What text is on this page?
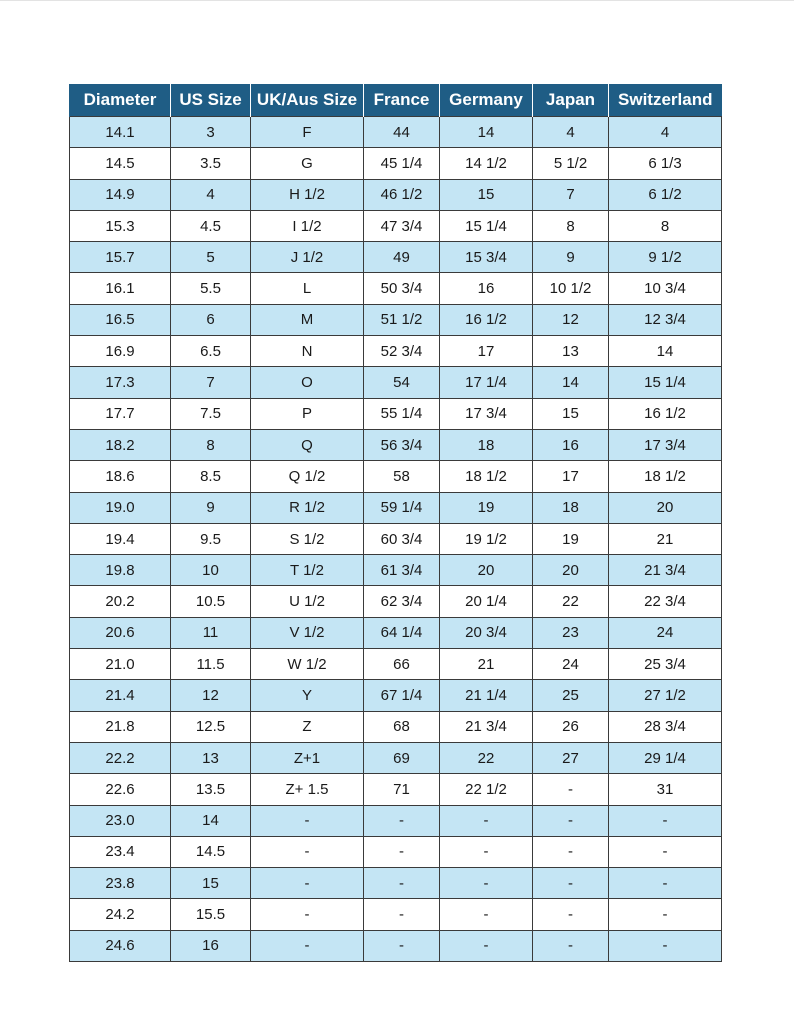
Diameter	US Size	UK/Aus Size	France	Germany	Japan	Switzerland
14.1	3	F	44	14	4	4
14.5	3.5	G	45 1/4	14 1/2	5 1/2	6 1/3
14.9	4	H 1/2	46 1/2	15	7	6 1/2
15.3	4.5	I 1/2	47 3/4	15 1/4	8	8
15.7	5	J 1/2	49	15 3/4	9	9 1/2
16.1	5.5	L	50 3/4	16	10 1/2	10 3/4
16.5	6	M	51 1/2	16 1/2	12	12 3/4
16.9	6.5	N	52 3/4	17	13	14
17.3	7	O	54	17 1/4	14	15 1/4
17.7	7.5	P	55 1/4	17 3/4	15	16 1/2
18.2	8	Q	56 3/4	18	16	17 3/4
18.6	8.5	Q 1/2	58	18 1/2	17	18 1/2
19.0	9	R 1/2	59 1/4	19	18	20
19.4	9.5	S 1/2	60 3/4	19 1/2	19	21
19.8	10	T 1/2	61 3/4	20	20	21 3/4
20.2	10.5	U 1/2	62 3/4	20 1/4	22	22 3/4
20.6	11	V 1/2	64 1/4	20 3/4	23	24
21.0	11.5	W 1/2	66	21	24	25 3/4
21.4	12	Y	67 1/4	21 1/4	25	27 1/2
21.8	12.5	Z	68	21 3/4	26	28 3/4
22.2	13	Z+1	69	22	27	29 1/4
22.6	13.5	Z+ 1.5	71	22 1/2	-	31
23.0	14	-	-	-	-	-
23.4	14.5	-	-	-	-	-
23.8	15	-	-	-	-	-
24.2	15.5	-	-	-	-	-
24.6	16	-	-	-	-	-
